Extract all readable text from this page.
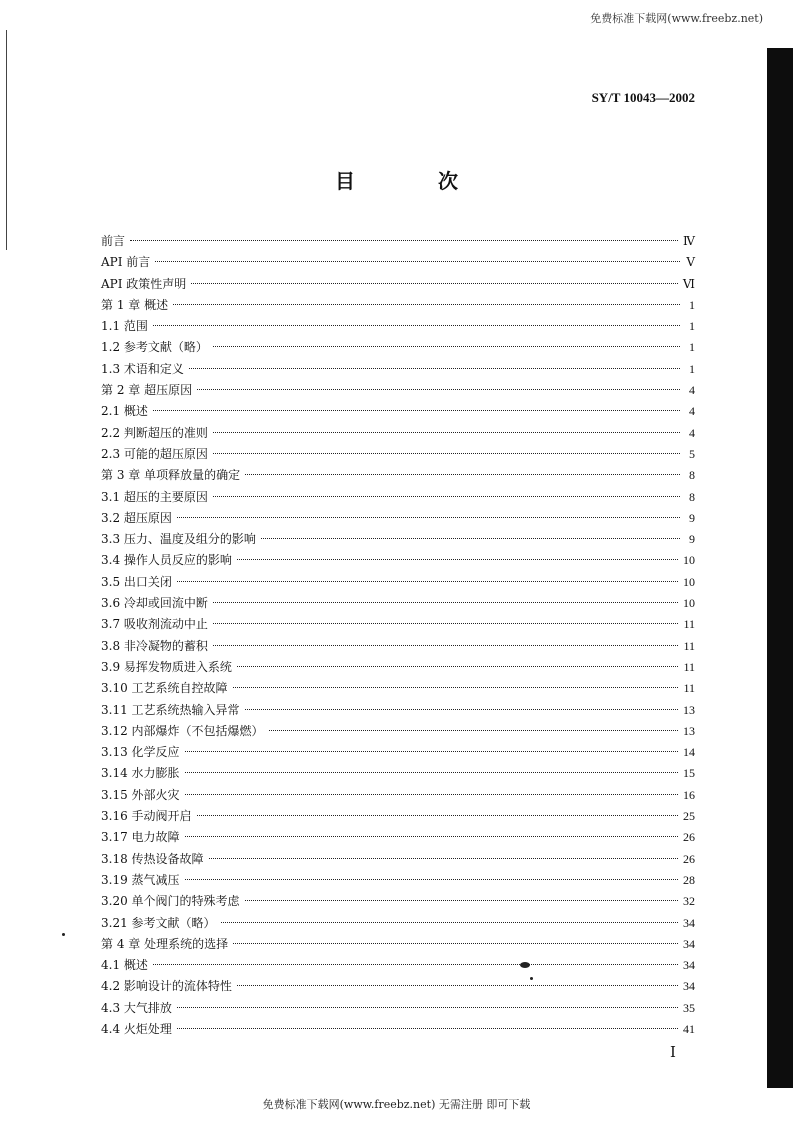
免费标准下载网(www.freebz.net)
SY/T 10043—2002
目 次
前言	Ⅳ
API 前言	Ⅴ
API 政策性声明	Ⅵ
第 1 章 概述	1
1.1 范围	1
1.2 参考文献（略）	1
1.3 术语和定义	1
第 2 章 超压原因	4
2.1 概述	4
2.2 判断超压的准则	4
2.3 可能的超压原因	5
第 3 章 单项释放量的确定	8
3.1 超压的主要原因	8
3.2 超压原因	9
3.3 压力、温度及组分的影响	9
3.4 操作人员反应的影响	10
3.5 出口关闭	10
3.6 冷却或回流中断	10
3.7 吸收剂流动中止	11
3.8 非冷凝物的蓄积	11
3.9 易挥发物质进入系统	11
3.10 工艺系统自控故障	11
3.11 工艺系统热输入异常	13
3.12 内部爆炸（不包括爆燃）	13
3.13 化学反应	14
3.14 水力膨胀	15
3.15 外部火灾	16
3.16 手动阀开启	25
3.17 电力故障	26
3.18 传热设备故障	26
3.19 蒸气减压	28
3.20 单个阀门的特殊考虑	32
3.21 参考文献（略）	34
第 4 章 处理系统的选择	34
4.1 概述	34
4.2 影响设计的流体特性	34
4.3 大气排放	35
4.4 火炬处理	41
Ⅰ
免费标准下载网(www.freebz.net) 无需注册 即可下载
